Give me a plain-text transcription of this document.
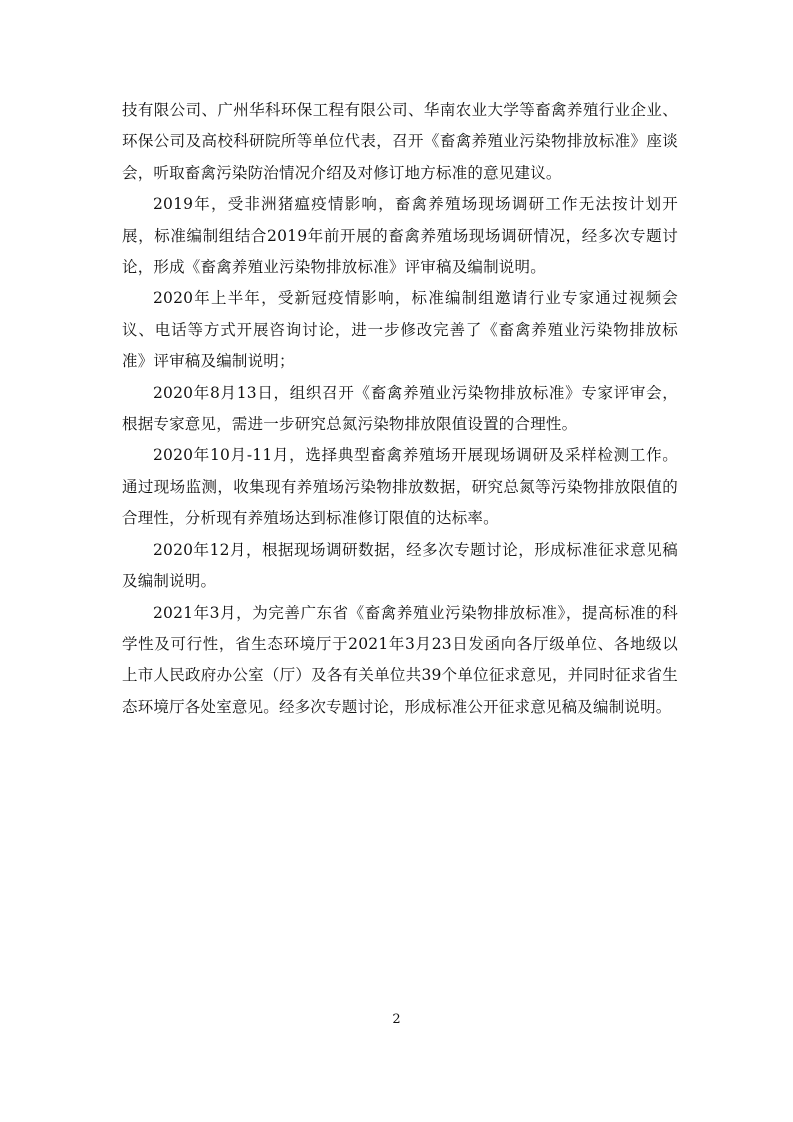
技有限公司、广州华科环保工程有限公司、华南农业大学等畜禽养殖行业企业、环保公司及高校科研院所等单位代表，召开《畜禽养殖业污染物排放标准》座谈会，听取畜禽污染防治情况介绍及对修订地方标准的意见建议。

2019年，受非洲猪瘟疫情影响，畜禽养殖场现场调研工作无法按计划开展，标准编制组结合2019年前开展的畜禽养殖场现场调研情况，经多次专题讨论，形成《畜禽养殖业污染物排放标准》评审稿及编制说明。

2020年上半年，受新冠疫情影响，标准编制组邀请行业专家通过视频会议、电话等方式开展咨询讨论，进一步修改完善了《畜禽养殖业污染物排放标准》评审稿及编制说明；

2020年8月13日，组织召开《畜禽养殖业污染物排放标准》专家评审会，根据专家意见，需进一步研究总氮污染物排放限值设置的合理性。

2020年10月-11月，选择典型畜禽养殖场开展现场调研及采样检测工作。通过现场监测，收集现有养殖场污染物排放数据，研究总氮等污染物排放限值的合理性，分析现有养殖场达到标准修订限值的达标率。

2020年12月，根据现场调研数据，经多次专题讨论，形成标准征求意见稿及编制说明。

2021年3月，为完善广东省《畜禽养殖业污染物排放标准》，提高标准的科学性及可行性，省生态环境厅于2021年3月23日发函向各厅级单位、各地级以上市人民政府办公室（厅）及各有关单位共39个单位征求意见，并同时征求省生态环境厅各处室意见。经多次专题讨论，形成标准公开征求意见稿及编制说明。

2
